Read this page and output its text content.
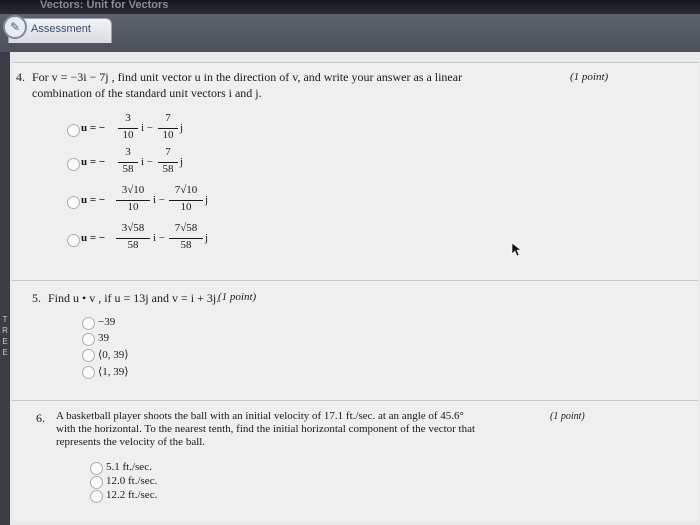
Vectors: Unit for Vectors
✎ Assessment
T
R
E
E
4. For v = −3i − 7j , find unit vector u in the direction of v, and write your answer as a linear
combination of the standard unit vectors i and j.
(1 point)
u = −
3
10
i −
7
10
j
u = −
3
58
i −
7
58
j
u = −
3√10
10
i −
7√10
10
j
u = −
3√58
58
i −
7√58
58
j
5. Find u • v , if u = 13j and v = i + 3j.
(1 point)
−39
39
⟨0, 39⟩
⟨1, 39⟩
6. A basketball player shoots the ball with an initial velocity of 17.1 ft./sec. at an angle of 45.6°
with the horizontal. To the nearest tenth, find the initial horizontal component of the vector that
represents the velocity of the ball.
(1 point)
5.1 ft./sec.
12.0 ft./sec.
12.2 ft./sec.
